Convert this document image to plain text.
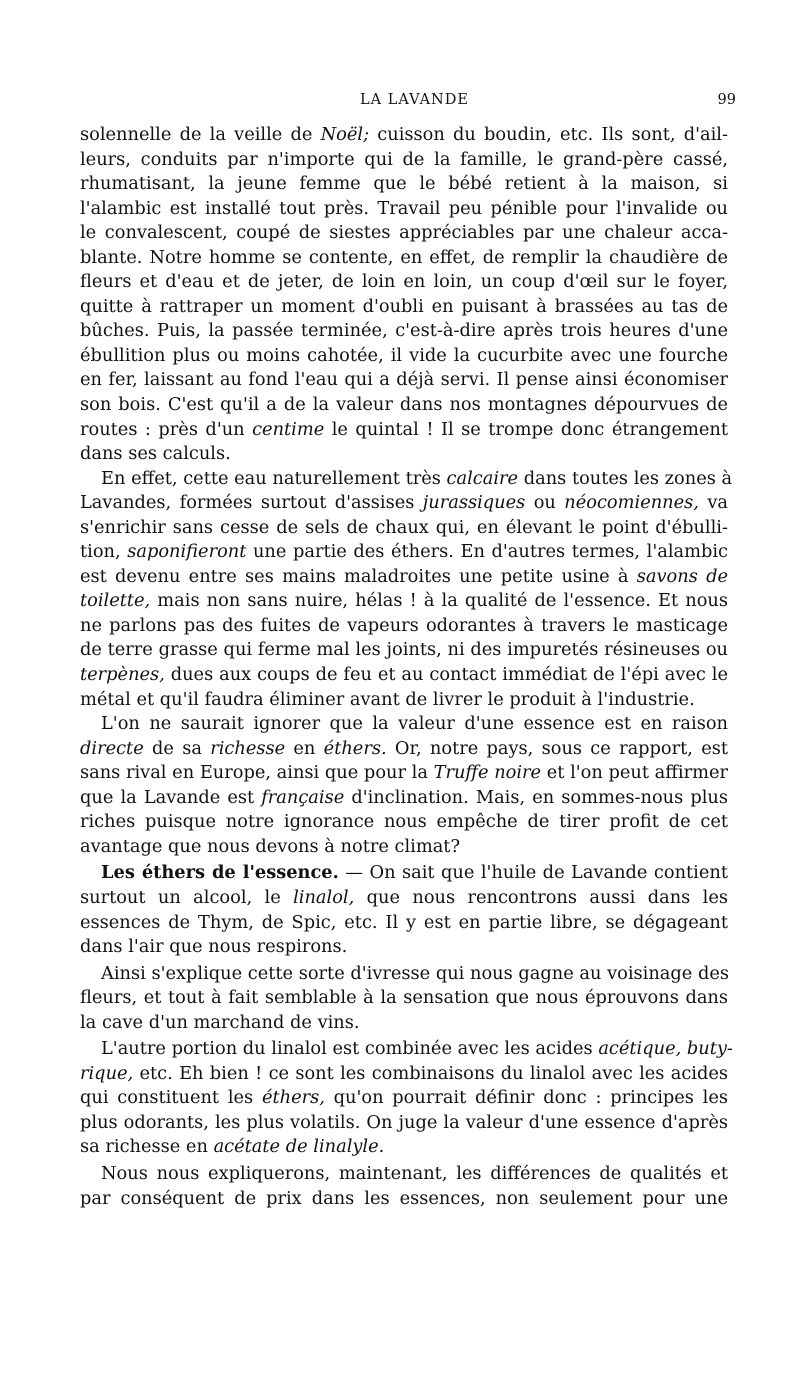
LA LAVANDE	99
solennelle de la veille de Noël; cuisson du boudin, etc. Ils sont, d'ail-
leurs, conduits par n'importe qui de la famille, le grand-père cassé,
rhumatisant, la jeune femme que le bébé retient à la maison, si
l'alambic est installé tout près. Travail peu pénible pour l'invalide ou
le convalescent, coupé de siestes appréciables par une chaleur acca-
blante. Notre homme se contente, en effet, de remplir la chaudière de
fleurs et d'eau et de jeter, de loin en loin, un coup d'œil sur le foyer,
quitte à rattraper un moment d'oubli en puisant à brassées au tas de
bûches. Puis, la passée terminée, c'est-à-dire après trois heures d'une
ébullition plus ou moins cahotée, il vide la cucurbite avec une fourche
en fer, laissant au fond l'eau qui a déjà servi. Il pense ainsi économiser
son bois. C'est qu'il a de la valeur dans nos montagnes dépourvues de
routes : près d'un centime le quintal ! Il se trompe donc étrangement
dans ses calculs.
En effet, cette eau naturellement très calcaire dans toutes les zones à
Lavandes, formées surtout d'assises jurassiques ou néocomiennes, va
s'enrichir sans cesse de sels de chaux qui, en élevant le point d'ébulli-
tion, saponifieront une partie des éthers. En d'autres termes, l'alambic
est devenu entre ses mains maladroites une petite usine à savons de
toilette, mais non sans nuire, hélas ! à la qualité de l'essence. Et nous
ne parlons pas des fuites de vapeurs odorantes à travers le masticage
de terre grasse qui ferme mal les joints, ni des impuretés résineuses ou
terpènes, dues aux coups de feu et au contact immédiat de l'épi avec le
métal et qu'il faudra éliminer avant de livrer le produit à l'industrie.
L'on ne saurait ignorer que la valeur d'une essence est en raison
directe de sa richesse en éthers. Or, notre pays, sous ce rapport, est
sans rival en Europe, ainsi que pour la Truffe noire et l'on peut affirmer
que la Lavande est française d'inclination. Mais, en sommes-nous plus
riches puisque notre ignorance nous empêche de tirer profit de cet
avantage que nous devons à notre climat?
Les éthers de l'essence. — On sait que l'huile de Lavande contient
surtout un alcool, le linalol, que nous rencontrons aussi dans les
essences de Thym, de Spic, etc. Il y est en partie libre, se dégageant
dans l'air que nous respirons.
Ainsi s'explique cette sorte d'ivresse qui nous gagne au voisinage des
fleurs, et tout à fait semblable à la sensation que nous éprouvons dans
la cave d'un marchand de vins.
L'autre portion du linalol est combinée avec les acides acétique, buty-
rique, etc. Eh bien ! ce sont les combinaisons du linalol avec les acides
qui constituent les éthers, qu'on pourrait définir donc : principes les
plus odorants, les plus volatils. On juge la valeur d'une essence d'après
sa richesse en acétate de linalyle.
Nous nous expliquerons, maintenant, les différences de qualités et
par conséquent de prix dans les essences, non seulement pour une
